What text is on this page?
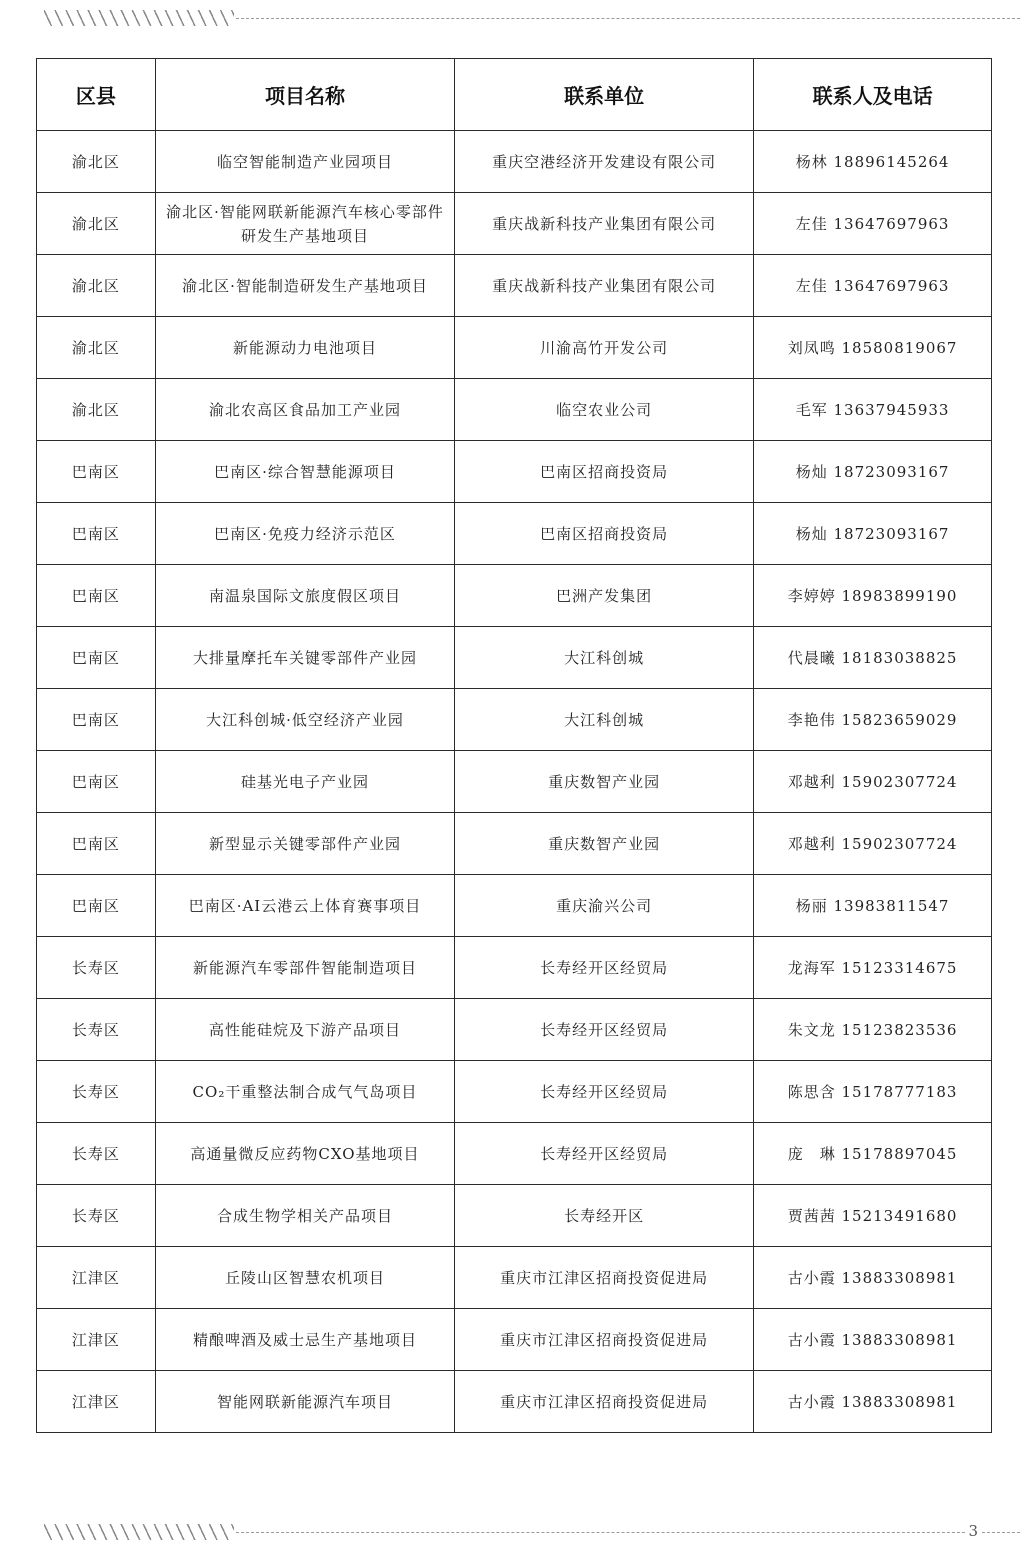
区县	项目名称	联系单位	联系人及电话
渝北区	临空智能制造产业园项目	重庆空港经济开发建设有限公司	杨林 18896145264
渝北区	渝北区·智能网联新能源汽车核心零部件研发生产基地项目	重庆战新科技产业集团有限公司	左佳 13647697963
渝北区	渝北区·智能制造研发生产基地项目	重庆战新科技产业集团有限公司	左佳 13647697963
渝北区	新能源动力电池项目	川渝高竹开发公司	刘凤鸣 18580819067
渝北区	渝北农高区食品加工产业园	临空农业公司	毛军 13637945933
巴南区	巴南区·综合智慧能源项目	巴南区招商投资局	杨灿 18723093167
巴南区	巴南区·免疫力经济示范区	巴南区招商投资局	杨灿 18723093167
巴南区	南温泉国际文旅度假区项目	巴洲产发集团	李婷婷 18983899190
巴南区	大排量摩托车关键零部件产业园	大江科创城	代晨曦 18183038825
巴南区	大江科创城·低空经济产业园	大江科创城	李艳伟 15823659029
巴南区	硅基光电子产业园	重庆数智产业园	邓越利 15902307724
巴南区	新型显示关键零部件产业园	重庆数智产业园	邓越利 15902307724
巴南区	巴南区·AI云港云上体育赛事项目	重庆渝兴公司	杨丽 13983811547
长寿区	新能源汽车零部件智能制造项目	长寿经开区经贸局	龙海军 15123314675
长寿区	高性能硅烷及下游产品项目	长寿经开区经贸局	朱文龙 15123823536
长寿区	CO₂干重整法制合成气气岛项目	长寿经开区经贸局	陈思含 15178777183
长寿区	高通量微反应药物CXO基地项目	长寿经开区经贸局	庞　琳 15178897045
长寿区	合成生物学相关产品项目	长寿经开区	贾茜茜 15213491680
江津区	丘陵山区智慧农机项目	重庆市江津区招商投资促进局	古小霞 13883308981
江津区	精酿啤酒及威士忌生产基地项目	重庆市江津区招商投资促进局	古小霞 13883308981
江津区	智能网联新能源汽车项目	重庆市江津区招商投资促进局	古小霞 13883308981
3
